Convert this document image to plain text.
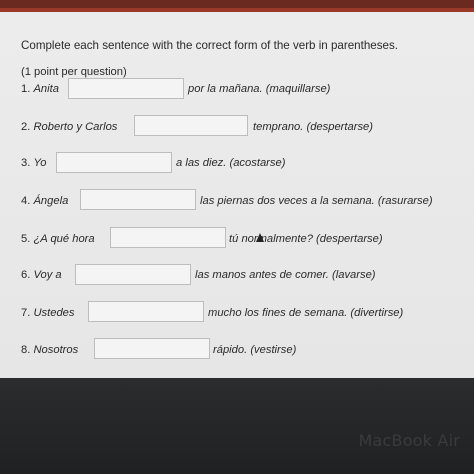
Complete each sentence with the correct form of the verb in parentheses.
(1 point per question)
1. Anita	por la mañana. (maquillarse)
2. Roberto y Carlos	temprano. (despertarse)
3. Yo	a las diez. (acostarse)
4. Ángela	las piernas dos veces a la semana. (rasurarse)
5. ¿A qué hora	tú normalmente? (despertarse)
6. Voy a	las manos antes de comer. (lavarse)
7. Ustedes	mucho los fines de semana. (divertirse)
8. Nosotros	rápido. (vestirse)
MacBook Air
